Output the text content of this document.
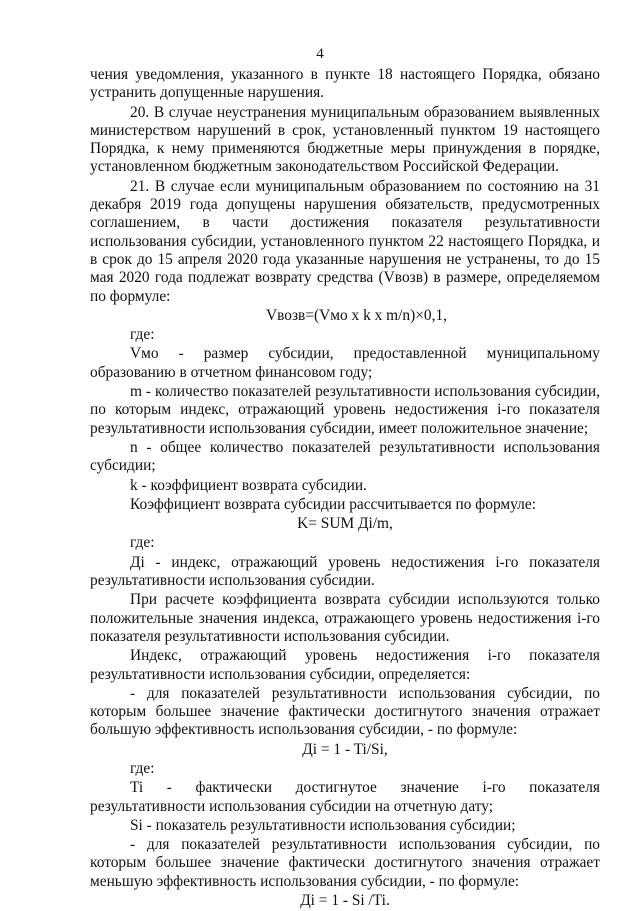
4

чения уведомления, указанного в пункте 18 настоящего Порядка, обязано устранить допущенные нарушения.

20. В случае неустранения муниципальным образованием выявленных министерством нарушений в срок, установленный пунктом 19 настоящего Порядка, к нему применяются бюджетные меры принуждения в порядке, установленном бюджетным законодательством Российской Федерации.

21. В случае если муниципальным образованием по состоянию на 31 декабря 2019 года допущены нарушения обязательств, предусмотренных соглашением, в части достижения показателя результативности использования субсидии, установленного пунктом 22 настоящего Порядка, и в срок до 15 апреля 2020 года указанные нарушения не устранены, то до 15 мая 2020 года подлежат возврату средства (Vвозв) в размере, определяемом по формуле:

Vвозв=(Vмо x k x m/n)×0,1,

где:

Vмо - размер субсидии, предоставленной муниципальному образованию в отчетном финансовом году;

m - количество показателей результативности использования субсидии, по которым индекс, отражающий уровень недостижения i-го показателя результативности использования субсидии, имеет положительное значение;

n - общее количество показателей результативности использования субсидии;

k - коэффициент возврата субсидии.

Коэффициент возврата субсидии рассчитывается по формуле:

K= SUM Дi/m,

где:

Дi - индекс, отражающий уровень недостижения i-го показателя результативности использования субсидии.

При расчете коэффициента возврата субсидии используются только положительные значения индекса, отражающего уровень недостижения i-го показателя результативности использования субсидии.

Индекс, отражающий уровень недостижения i-го показателя результативности использования субсидии, определяется:

- для показателей результативности использования субсидии, по которым большее значение фактически достигнутого значения отражает большую эффективность использования субсидии, - по формуле:

Дi = 1 - Ti/Si,

где:

Ti - фактически достигнутое значение i-го показателя результативности использования субсидии на отчетную дату;

Si - показатель результативности использования субсидии;

- для показателей результативности использования субсидии, по которым большее значение фактически достигнутого значения отражает меньшую эффективность использования субсидии, - по формуле:

Дi = 1 - Si /Ti.
